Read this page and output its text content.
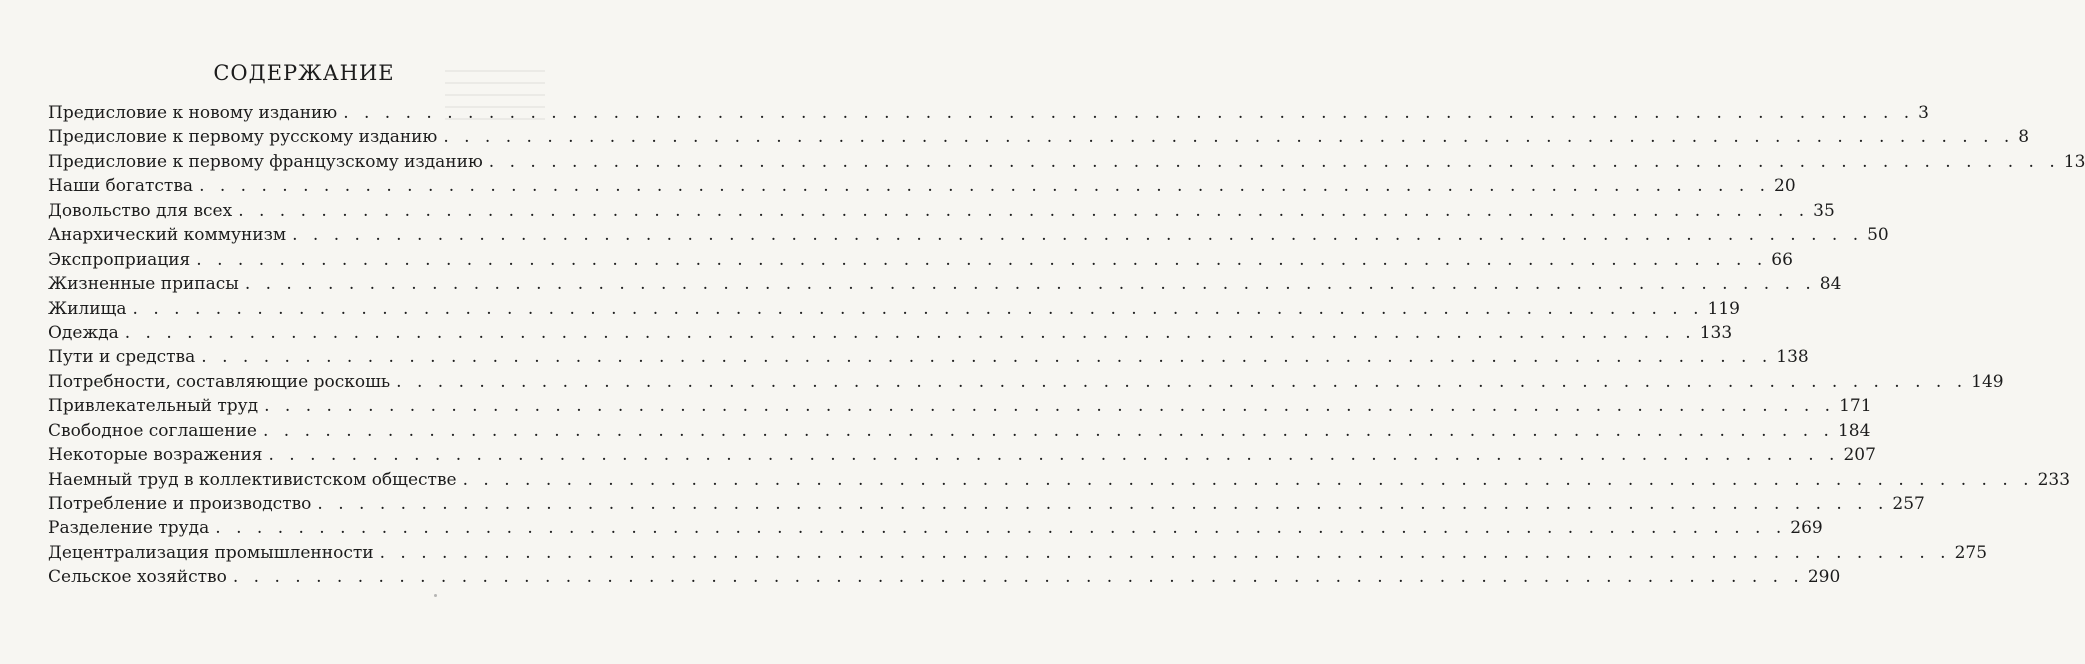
СОДЕРЖАНИЕ
Предисловие к новому изданию . . .	3
Предисловие к первому русскому изданию . . .	8
Предисловие к первому французскому изданию . . .	13
Наши богатства . . .	20
Довольство для всех . . .	35
Анархический коммунизм . . .	50
Экспроприация . . .	66
Жизненные припасы . . .	84
Жилища . . .	119
Одежда . . .	133
Пути и средства . . .	138
Потребности, составляющие роскошь . . .	149
Привлекательный труд . . .	171
Свободное соглашение . . .	184
Некоторые возражения . . .	207
Наемный труд в коллективистском обществе . . .	233
Потребление и производство . . .	257
Разделение труда . . .	269
Децентрализация промышленности . . .	275
Сельское хозяйство . . .	290
